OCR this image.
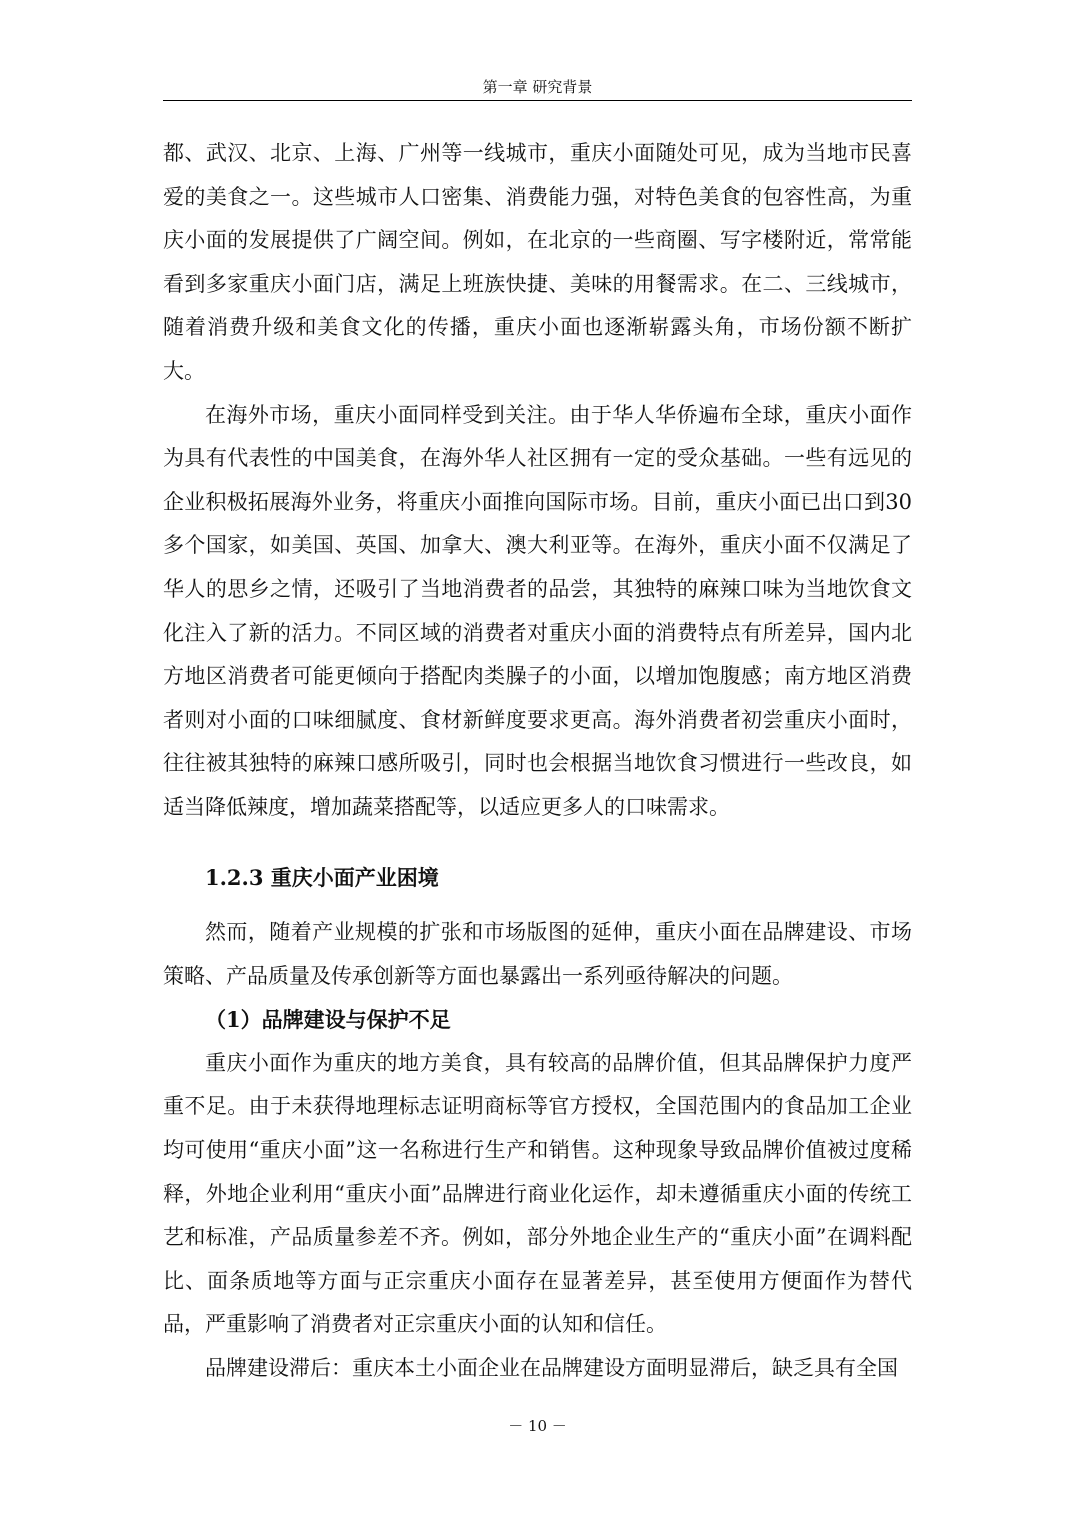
第一章 研究背景

都、武汉、北京、上海、广州等一线城市，重庆小面随处可见，成为当地市民喜爱的美食之一。这些城市人口密集、消费能力强，对特色美食的包容性高，为重庆小面的发展提供了广阔空间。例如，在北京的一些商圈、写字楼附近，常常能看到多家重庆小面门店，满足上班族快捷、美味的用餐需求。在二、三线城市，随着消费升级和美食文化的传播，重庆小面也逐渐崭露头角，市场份额不断扩大。

在海外市场，重庆小面同样受到关注。由于华人华侨遍布全球，重庆小面作为具有代表性的中国美食，在海外华人社区拥有一定的受众基础。一些有远见的企业积极拓展海外业务，将重庆小面推向国际市场。目前，重庆小面已出口到30多个国家，如美国、英国、加拿大、澳大利亚等。在海外，重庆小面不仅满足了华人的思乡之情，还吸引了当地消费者的品尝，其独特的麻辣口味为当地饮食文化注入了新的活力。不同区域的消费者对重庆小面的消费特点有所差异，国内北方地区消费者可能更倾向于搭配肉类臊子的小面，以增加饱腹感；南方地区消费者则对小面的口味细腻度、食材新鲜度要求更高。海外消费者初尝重庆小面时，往往被其独特的麻辣口感所吸引，同时也会根据当地饮食习惯进行一些改良，如适当降低辣度，增加蔬菜搭配等，以适应更多人的口味需求。

1.2.3 重庆小面产业困境

然而，随着产业规模的扩张和市场版图的延伸，重庆小面在品牌建设、市场策略、产品质量及传承创新等方面也暴露出一系列亟待解决的问题。

（1）品牌建设与保护不足

重庆小面作为重庆的地方美食，具有较高的品牌价值，但其品牌保护力度严重不足。由于未获得地理标志证明商标等官方授权，全国范围内的食品加工企业均可使用“重庆小面”这一名称进行生产和销售。这种现象导致品牌价值被过度稀释，外地企业利用“重庆小面”品牌进行商业化运作，却未遵循重庆小面的传统工艺和标准，产品质量参差不齐。例如，部分外地企业生产的“重庆小面”在调料配比、面条质地等方面与正宗重庆小面存在显著差异，甚至使用方便面作为替代品，严重影响了消费者对正宗重庆小面的认知和信任。

品牌建设滞后：重庆本土小面企业在品牌建设方面明显滞后，缺乏具有全国

－ 10 －
